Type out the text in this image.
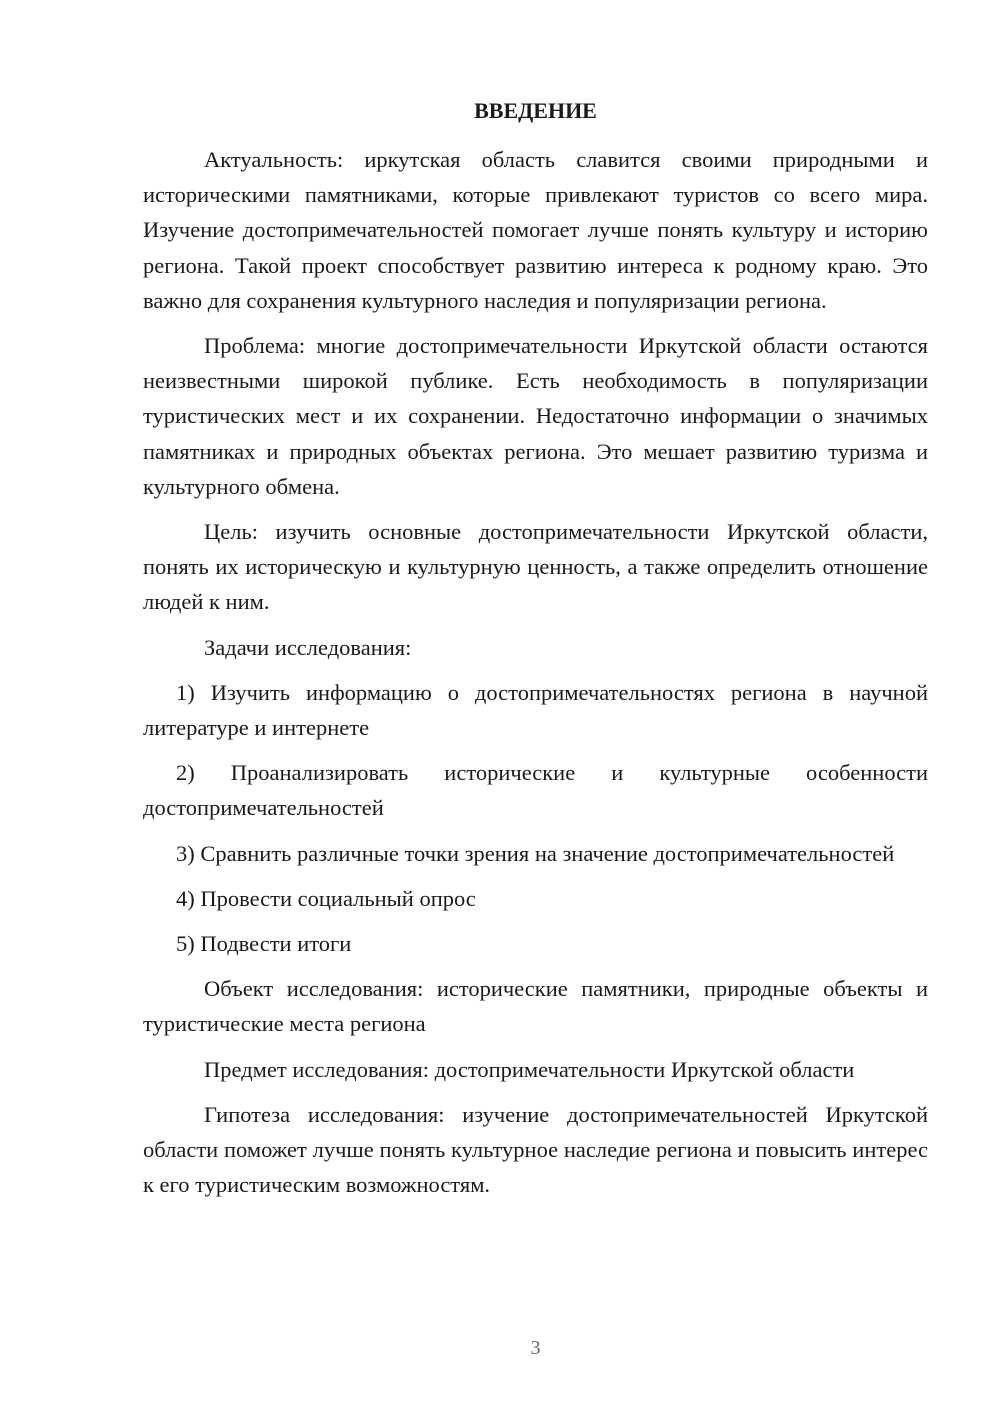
ВВЕДЕНИЕ

Актуальность: иркутская область славится своими природными и историческими памятниками, которые привлекают туристов со всего мира. Изучение достопримечательностей помогает лучше понять культуру и историю региона. Такой проект способствует развитию интереса к родному краю. Это важно для сохранения культурного наследия и популяризации региона.

Проблема: многие достопримечательности Иркутской области остаются неизвестными широкой публике. Есть необходимость в популяризации туристических мест и их сохранении. Недостаточно информации о значимых памятниках и природных объектах региона. Это мешает развитию туризма и культурного обмена.

Цель: изучить основные достопримечательности Иркутской области, понять их историческую и культурную ценность, а также определить отношение людей к ним.

Задачи исследования:

1) Изучить информацию о достопримечательностях региона в научной литературе и интернете

2) Проанализировать исторические и культурные особенности достопримечательностей

3) Сравнить различные точки зрения на значение достопримечательностей

4) Провести социальный опрос

5) Подвести итоги

Объект исследования: исторические памятники, природные объекты и туристические места региона

Предмет исследования: достопримечательности Иркутской области

Гипотеза исследования: изучение достопримечательностей Иркутской области поможет лучше понять культурное наследие региона и повысить интерес к его туристическим возможностям.

3
